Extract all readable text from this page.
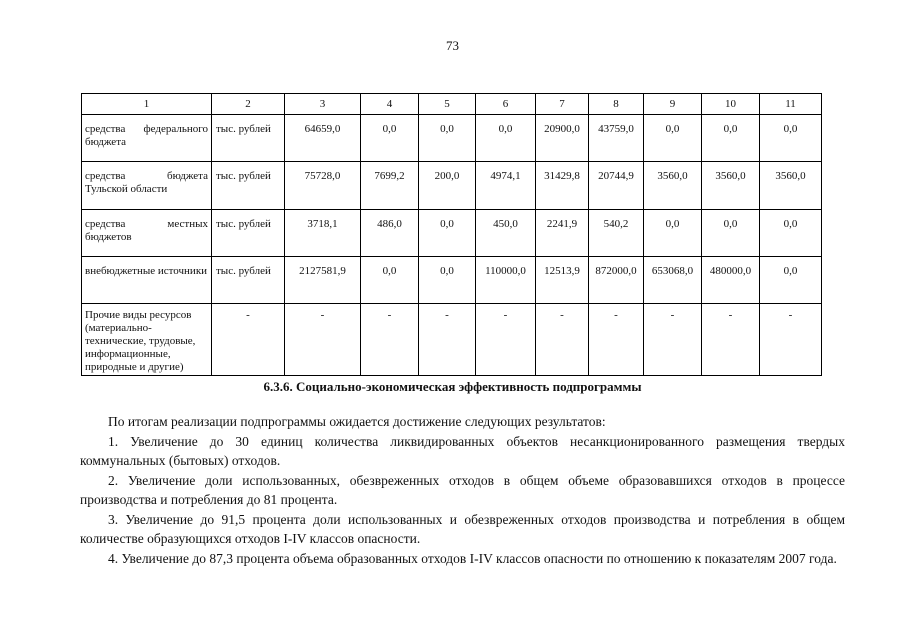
73
1	2	3	4	5	6	7	8	9	10	11
средства федерального бюджета	тыс. рублей	64659,0	0,0	0,0	0,0	20900,0	43759,0	0,0	0,0	0,0
средства бюджета Тульской области	тыс. рублей	75728,0	7699,2	200,0	4974,1	31429,8	20744,9	3560,0	3560,0	3560,0
средства местных бюджетов	тыс. рублей	3718,1	486,0	0,0	450,0	2241,9	540,2	0,0	0,0	0,0
внебюджетные источники	тыс. рублей	2127581,9	0,0	0,0	110000,0	12513,9	872000,0	653068,0	480000,0	0,0
Прочие виды ресурсов (материально-технические, трудовые, информационные, природные и другие)	-	-	-	-	-	-	-	-	-	-
6.3.6. Социально-экономическая эффективность подпрограммы

По итогам реализации подпрограммы ожидается достижение следующих результатов:

1. Увеличение до 30 единиц количества ликвидированных объектов несанкционированного размещения твердых коммунальных (бытовых) отходов.

2. Увеличение доли использованных, обезвреженных отходов в общем объеме образовавшихся отходов в процессе производства и потребления до 81 процента.

3. Увеличение до 91,5 процента доли использованных и обезвреженных отходов производства и потребления в общем количестве образующихся отходов I-IV классов опасности.

4. Увеличение до 87,3 процента объема образованных отходов I-IV классов опасности по отношению к показателям 2007 года.
